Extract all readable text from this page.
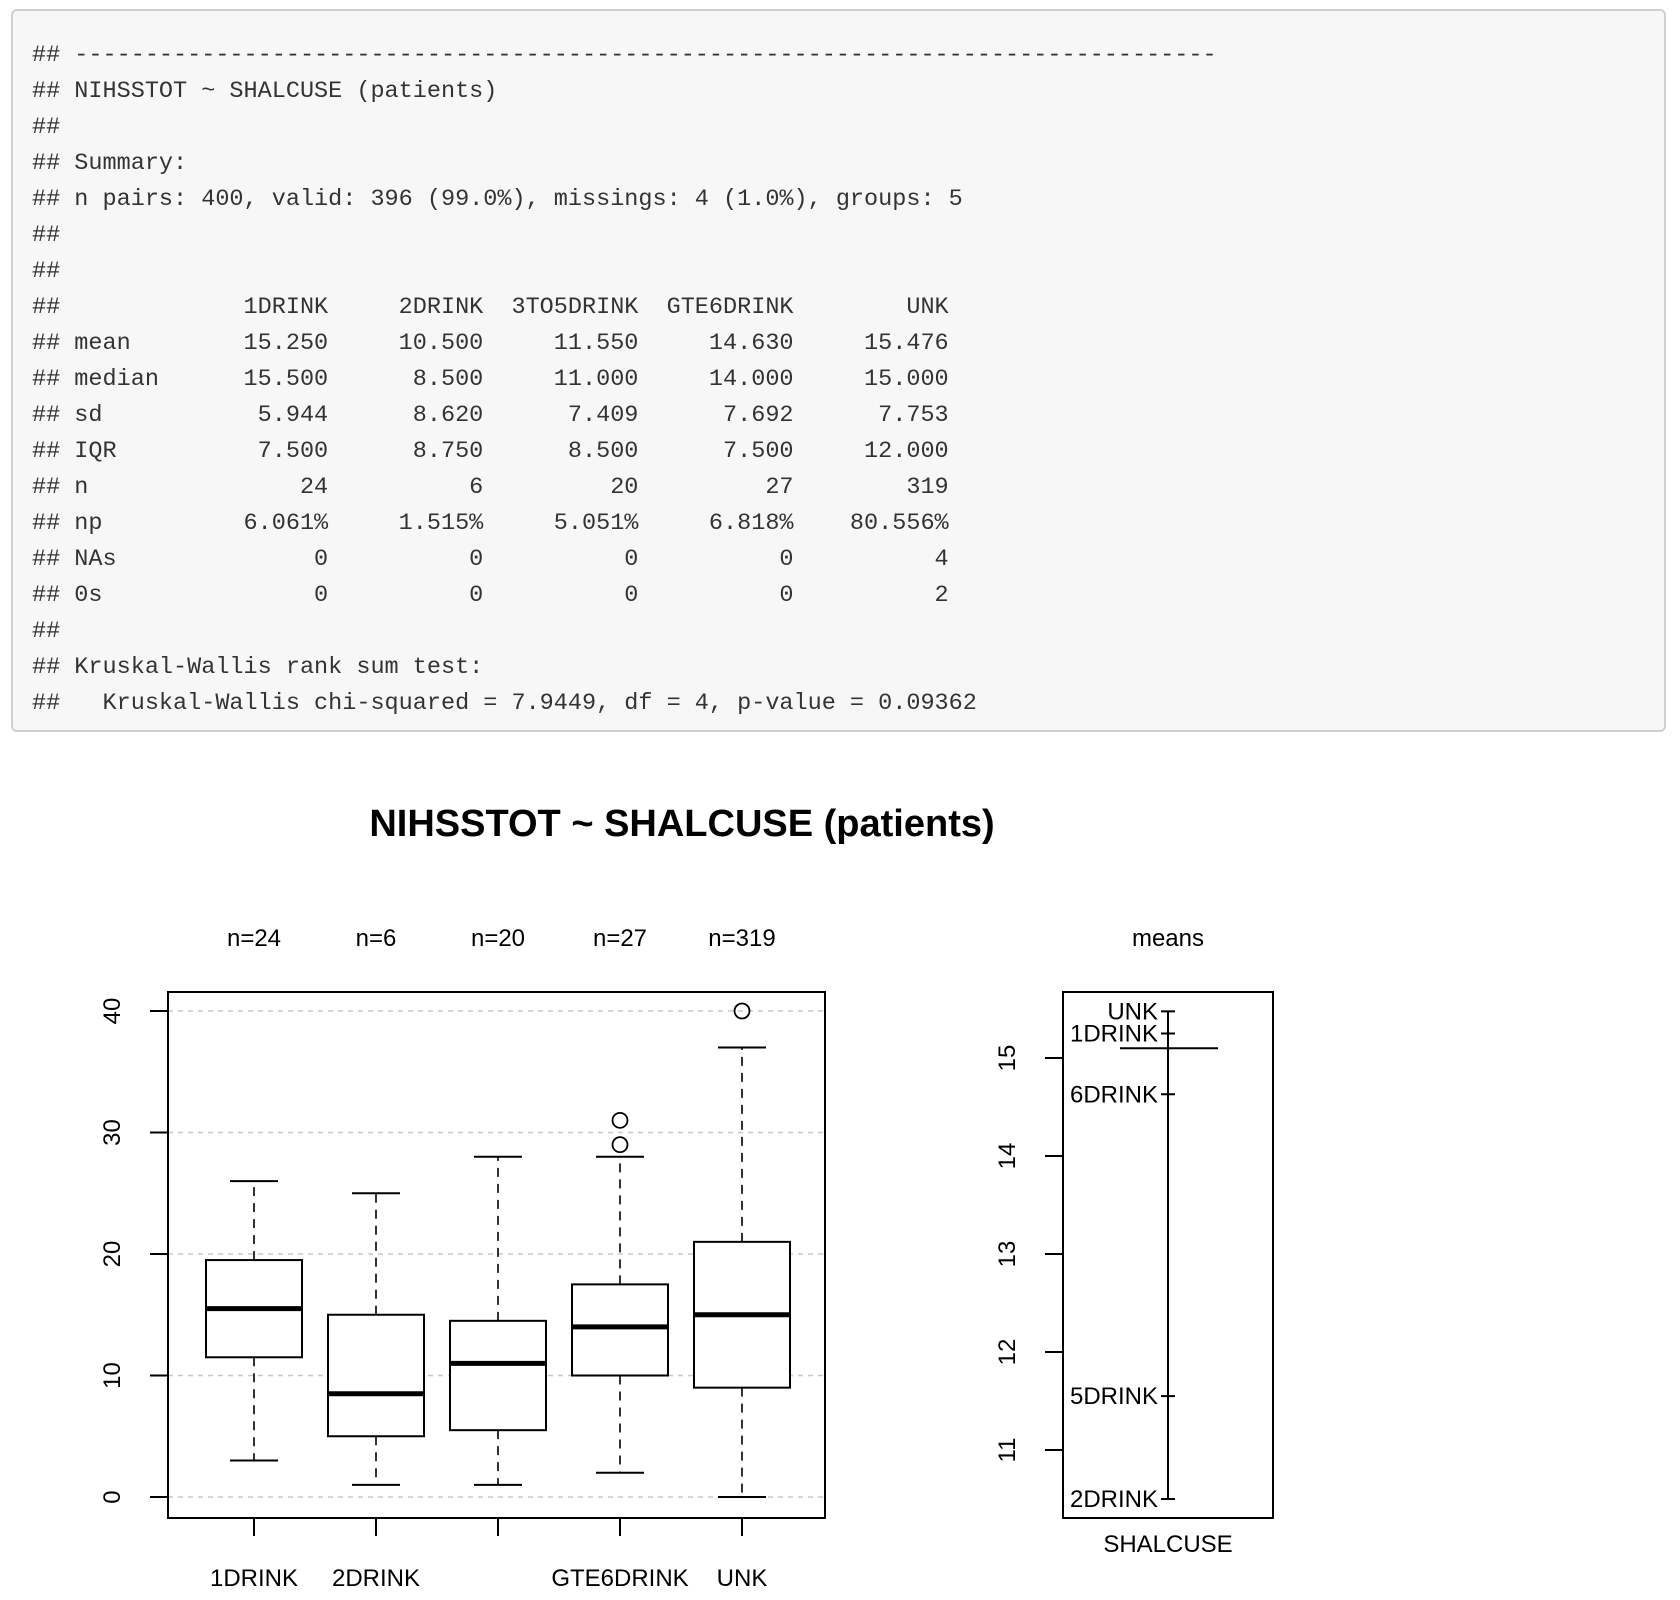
## ---------------------------------------------------------------------------------
## NIHSSTOT ~ SHALCUSE (patients)
##
## Summary:
## n pairs: 400, valid: 396 (99.0%), missings: 4 (1.0%), groups: 5
##
##
##             1DRINK     2DRINK  3TO5DRINK  GTE6DRINK        UNK
## mean        15.250     10.500     11.550     14.630     15.476
## median      15.500      8.500     11.000     14.000     15.000
## sd           5.944      8.620      7.409      7.692      7.753
## IQR          7.500      8.750      8.500      7.500     12.000
## n               24          6         20         27        319
## np          6.061%     1.515%     5.051%     6.818%    80.556%
## NAs              0          0          0          0          4
## 0s               0          0          0          0          2
##
## Kruskal-Wallis rank sum test:
##   Kruskal-Wallis chi-squared = 7.9449, df = 4, p-value = 0.09362
NIHSSTOT ~ SHALCUSE (patients)
n=24
1DRINK
n=6
2DRINK
n=20	n=27
GTE6DRINK
n=319
UNK
0
10
20
30
40
means
UNK
1DRINK
6DRINK
5DRINK
2DRINK
11
12
13
14
15
SHALCUSE
